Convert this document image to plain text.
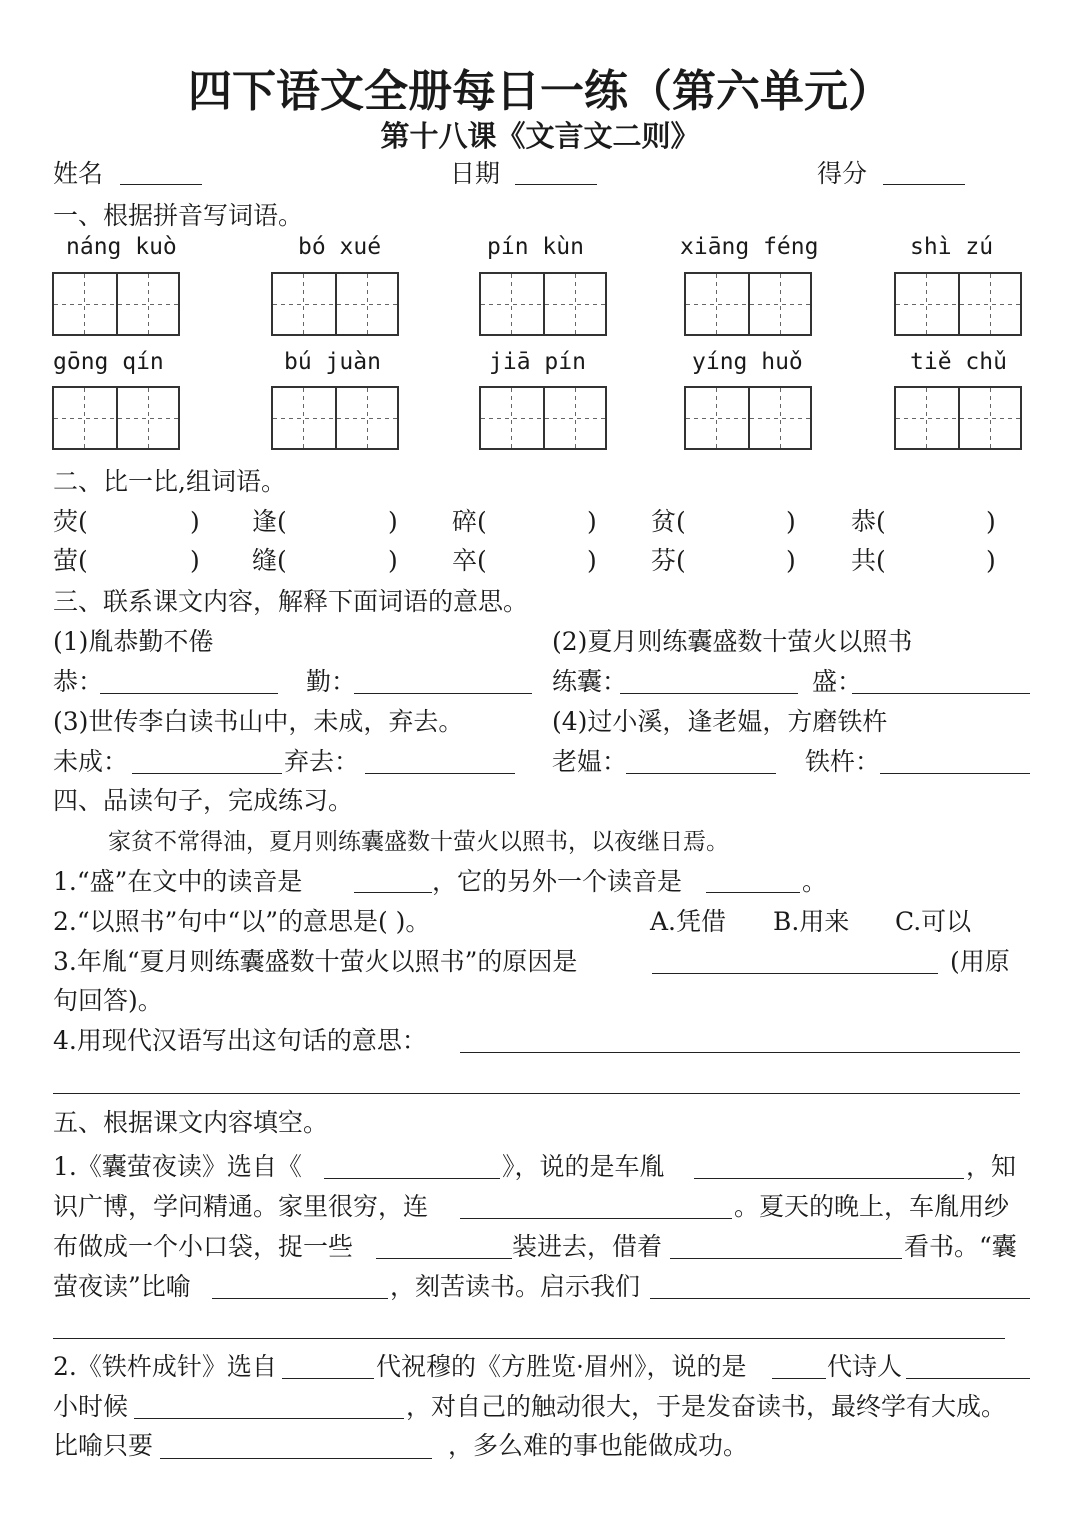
四下语文全册每日一练（第六单元）
第十八课《文言文二则》
姓名	日期	得分
一、根据拼音写词语。
náng kuò	bó xué	pín kùn	xiāng féng	shì zú
gōng qín	bú juàn	jiā pín	yíng huǒ	tiě chǔ
二、比一比,组词语。
荧(	) 逢(	) 碎(	) 贫(	) 恭(	)
萤(	) 缝(	) 卒(	) 芬(	) 共(	)
三、联系课文内容，解释下面词语的意思。
(1)胤恭勤不倦	(2)夏月则练囊盛数十萤火以照书
恭：	勤：	练囊：	盛：
(3)世传李白读书山中，未成，弃去。	(4)过小溪，逢老媪，方磨铁杵
未成：	弃去：	老媪：	铁杵：
四、品读句子，完成练习。
家贫不常得油，夏月则练囊盛数十萤火以照书，以夜继日焉。
1.“盛”在文中的读音是	，它的另外一个读音是	。
2.“以照书”句中“以”的意思是( )。	A.凭借 B.用来 C.可以
3.年胤“夏月则练囊盛数十萤火以照书”的原因是	(用原
句回答)。
4.用现代汉语写出这句话的意思：
五、根据课文内容填空。
1.《囊萤夜读》选自《	》，说的是车胤	，知
识广博，学问精通。家里很穷，连	。夏天的晚上，车胤用纱
布做成一个小口袋，捉一些	装进去，借着	看书。“囊
萤夜读”比喻	，刻苦读书。启示我们
2.《铁杵成针》选自	代祝穆的《方胜览·眉州》，说的是	代诗人
小时候	，对自己的触动很大，于是发奋读书，最终学有大成。
比喻只要	，多么难的事也能做成功。
